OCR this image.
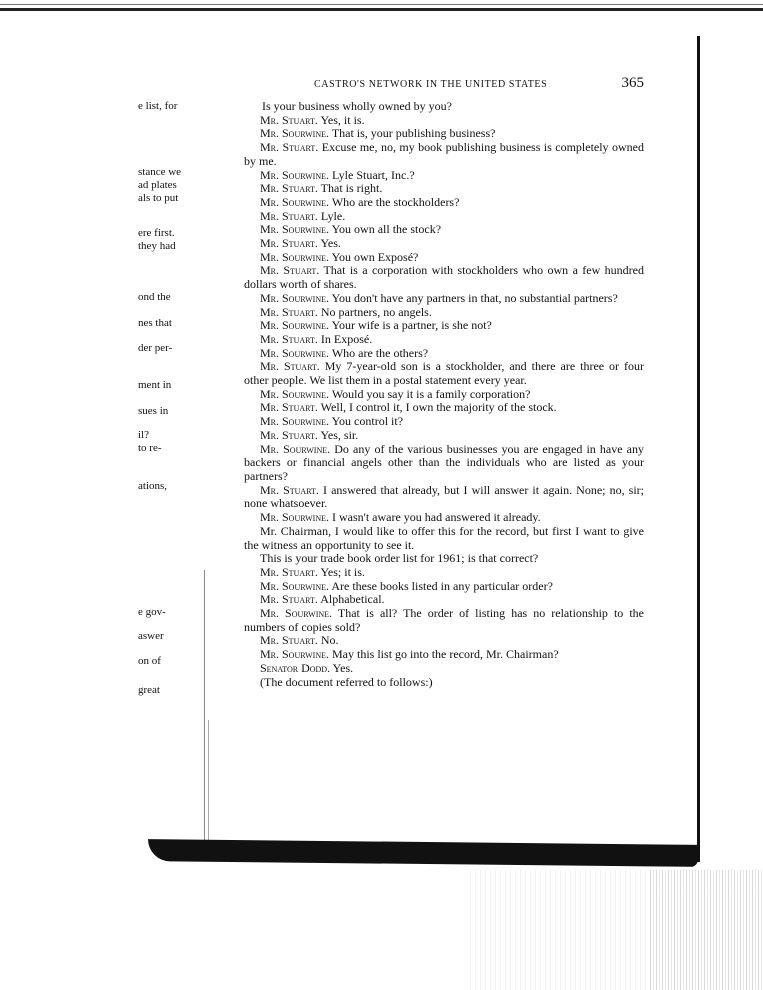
CASTRO'S NETWORK IN THE UNITED STATES	365
e list, for
stance we
ad plates
als to put
ere first.
they had
ond the
nes that
der per-
ment in
sues in
il?
to re-
ations,
e gov-
aswer
on of
great

Is your business wholly owned by you?

Mr. Stuart. Yes, it is.

Mr. Sourwine. That is, your publishing business?

Mr. Stuart. Excuse me, no, my book publishing business is completely owned by me.

Mr. Sourwine. Lyle Stuart, Inc.?

Mr. Stuart. That is right.

Mr. Sourwine. Who are the stockholders?

Mr. Stuart. Lyle.

Mr. Sourwine. You own all the stock?

Mr. Stuart. Yes.

Mr. Sourwine. You own Exposé?

Mr. Stuart. That is a corporation with stockholders who own a few hundred dollars worth of shares.

Mr. Sourwine. You don't have any partners in that, no substantial partners?

Mr. Stuart. No partners, no angels.

Mr. Sourwine. Your wife is a partner, is she not?

Mr. Stuart. In Exposé.

Mr. Sourwine. Who are the others?

Mr. Stuart. My 7-year-old son is a stockholder, and there are three or four other people. We list them in a postal statement every year.

Mr. Sourwine. Would you say it is a family corporation?

Mr. Stuart. Well, I control it, I own the majority of the stock.

Mr. Sourwine. You control it?

Mr. Stuart. Yes, sir.

Mr. Sourwine. Do any of the various businesses you are engaged in have any backers or financial angels other than the individuals who are listed as your partners?

Mr. Stuart. I answered that already, but I will answer it again. None; no, sir; none whatsoever.

Mr. Sourwine. I wasn't aware you had answered it already.

Mr. Chairman, I would like to offer this for the record, but first I want to give the witness an opportunity to see it.

This is your trade book order list for 1961; is that correct?

Mr. Stuart. Yes; it is.

Mr. Sourwine. Are these books listed in any particular order?

Mr. Stuart. Alphabetical.

Mr. Sourwine. That is all? The order of listing has no relationship to the numbers of copies sold?

Mr. Stuart. No.

Mr. Sourwine. May this list go into the record, Mr. Chairman?

Senator Dodd. Yes.

(The document referred to follows:)
